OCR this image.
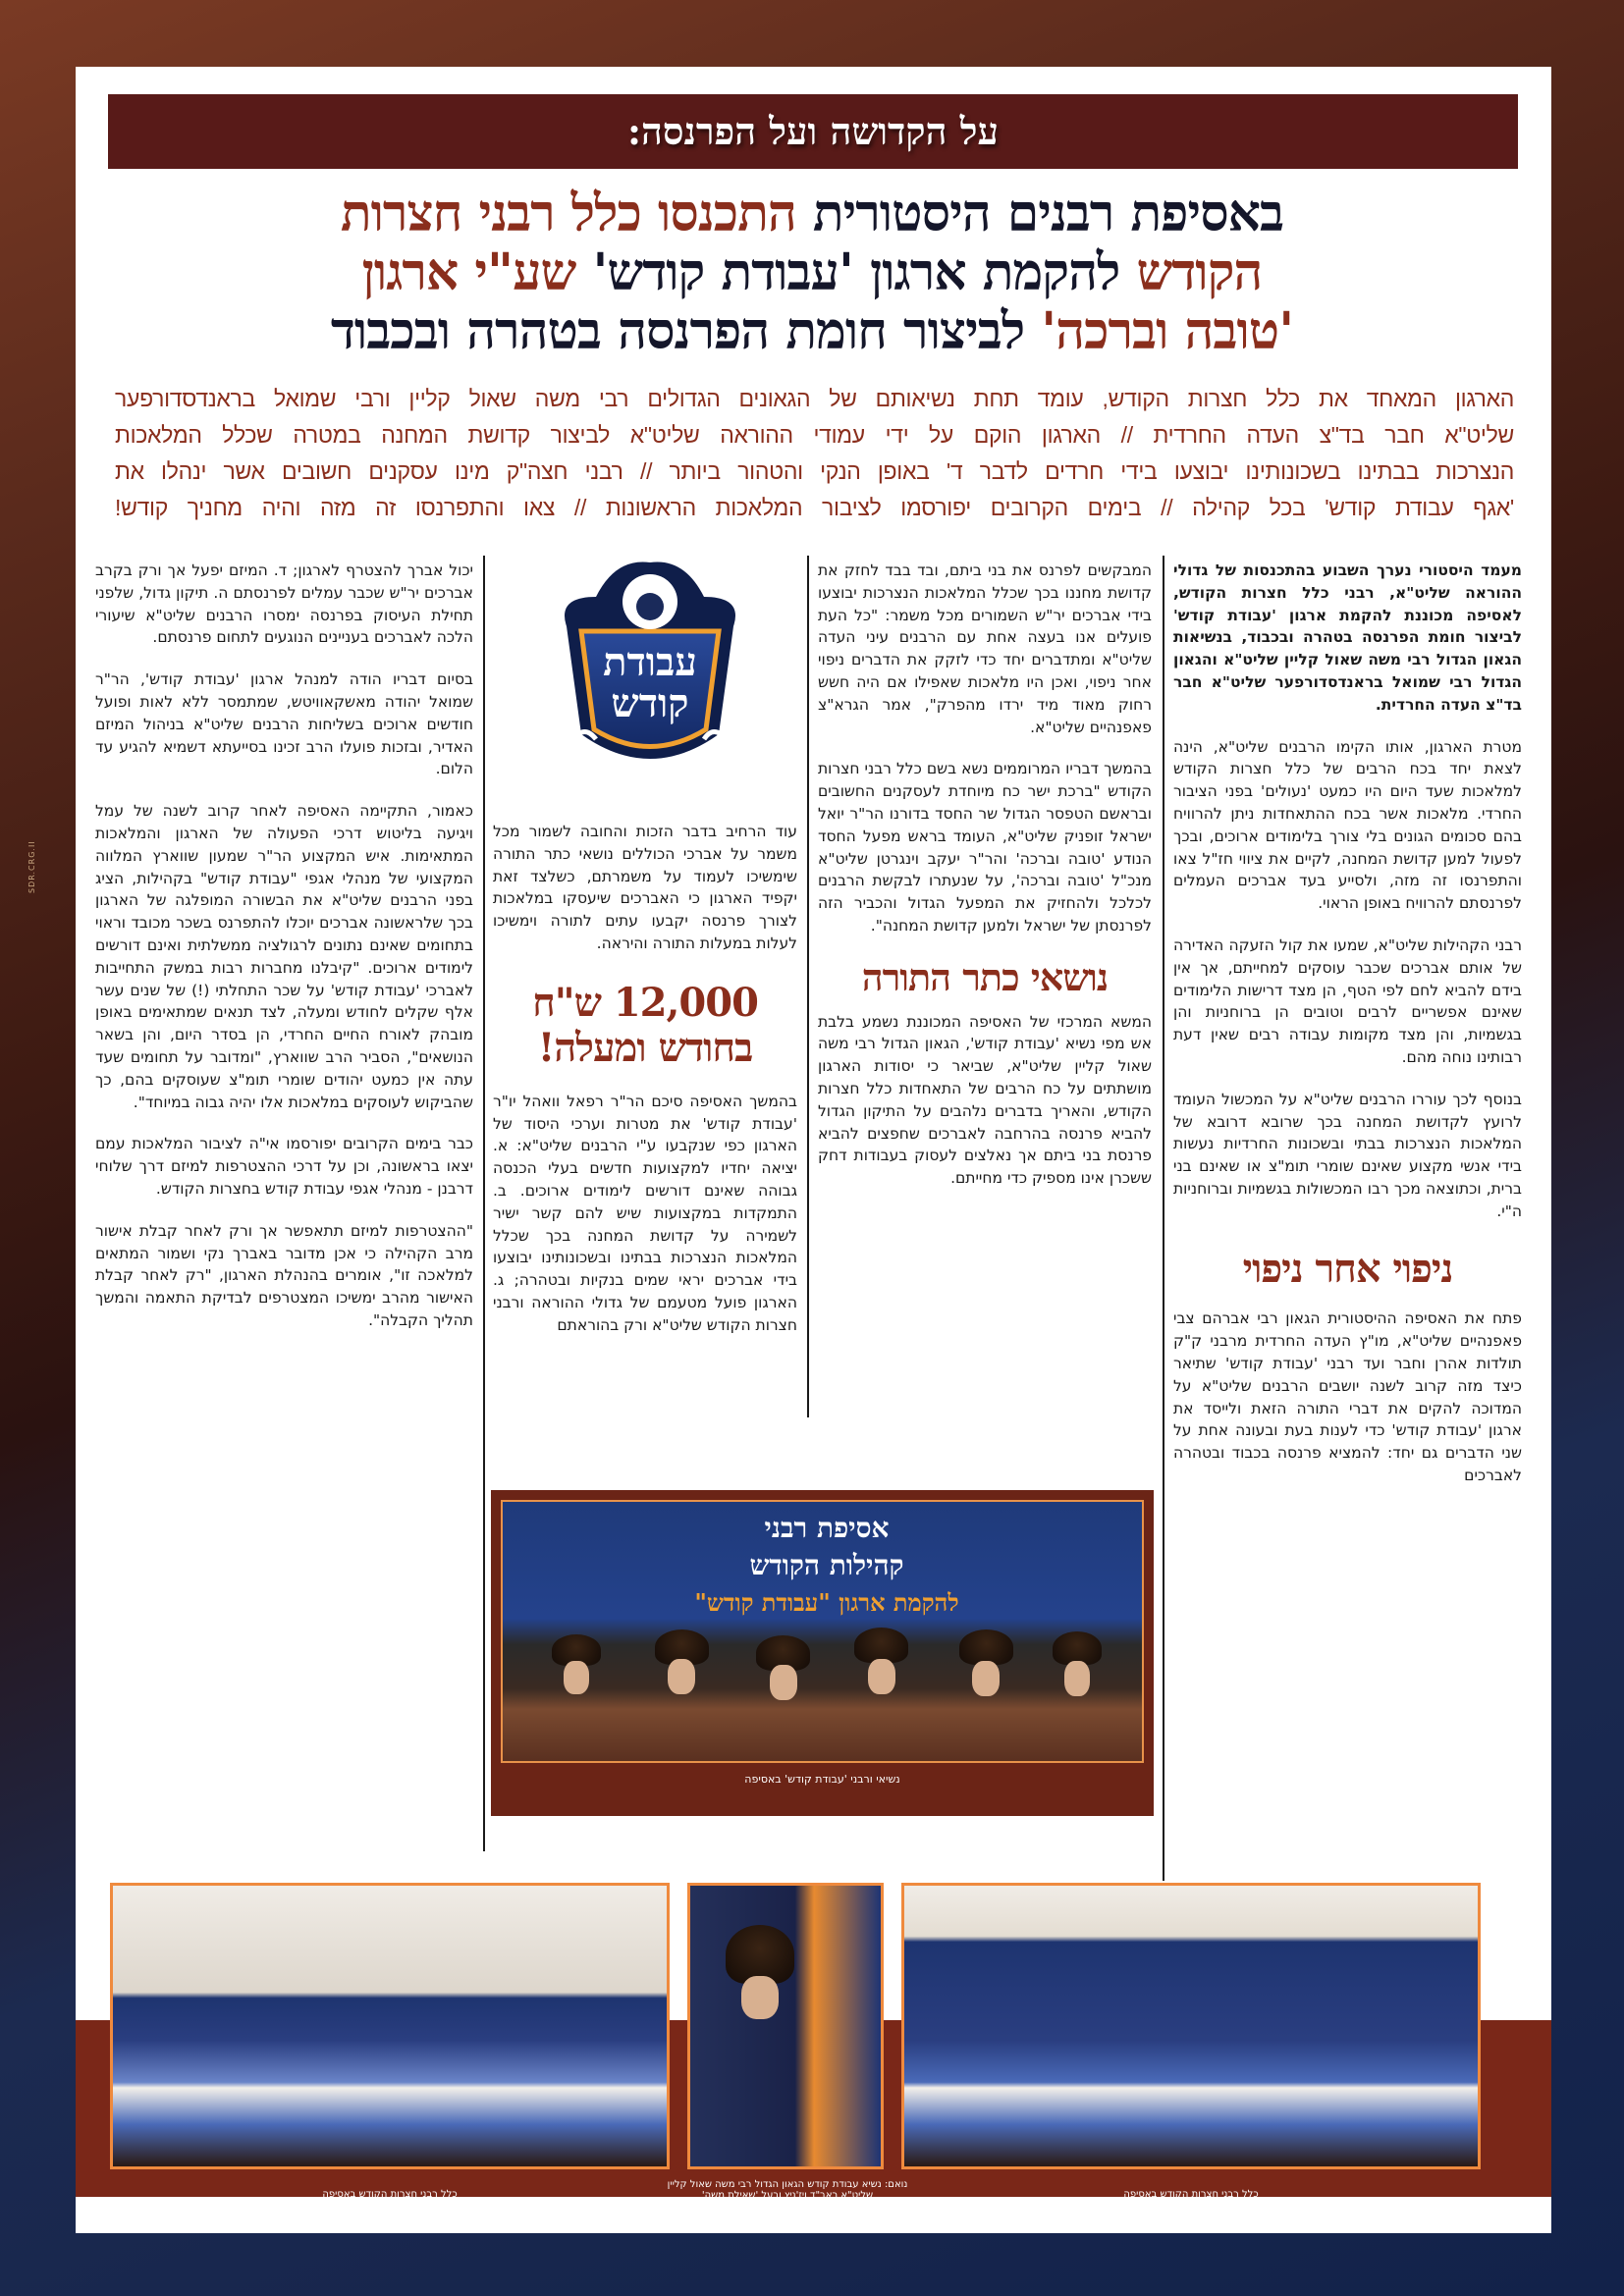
SDR.CRG.II
על הקדושה ועל הפרנסה:
באסיפת רבנים היסטורית התכנסו כלל רבני חצרות
הקודש להקמת ארגון 'עבודת קודש' שע"י ארגון
'טובה וברכה' לביצור חומת הפרנסה בטהרה ובכבוד
הארגון המאחד את כלל חצרות הקודש, עומד תחת נשיאותם של הגאונים הגדולים רבי משה שאול קליין ורבי שמואל בראנדסדורפער
שליט"א חבר בד"צ העדה החרדית // הארגון הוקם על ידי עמודי ההוראה שליט"א לביצור קדושת המחנה במטרה שכלל המלאכות
הנצרכות בבתינו בשכונותינו יבוצעו בידי חרדים לדבר ד' באופן הנקי והטהור ביותר // רבני חצה"ק מינו עסקנים חשובים אשר ינהלו את
'אגף עבודת קודש' בכל קהילה // בימים הקרובים יפורסמו לציבור המלאכות הראשונות // צאו והתפרנסו זה מזה והיה מחניך קודש!

מעמד היסטורי נערך השבוע בהתכנסות של גדולי ההוראה שליט"א, רבני כלל חצרות הקודש, לאסיפה מכוננת להקמת ארגון 'עבודת קודש' לביצור חומת הפרנסה בטהרה ובכבוד, בנשיאות הגאון הגדול רבי משה שאול קליין שליט"א והגאון הגדול רבי שמואל בראנדסדורפער שליט"א חבר בד"צ העדה החרדית.

מטרת הארגון, אותו הקימו הרבנים שליט"א, הינה לצאת יחד בכח הרבים של כלל חצרות הקודש למלאכות שעד היום היו כמעט 'נעולים' בפני הציבור החרדי. מלאכות אשר בכח ההתאחדות ניתן להרוויח בהם סכומים הגונים בלי צורך בלימודים ארוכים, ובכך לפעול למען קדושת המחנה, לקיים את ציווי חז"ל צאו והתפרנסו זה מזה, ולסייע בעד אברכים העמלים לפרנסתם להרוויח באופן הראוי.

רבני הקהילות שליט"א, שמעו את קול הזעקה האדירה של אותם אברכים שכבר עוסקים למחייתם, אך אין בידם להביא לחם לפי הטף, הן מצד דרישות הלימודים שאינם אפשריים לרבים וטובים הן ברוחניות והן בגשמיות, והן מצד מקומות עבודה רבים שאין דעת רבותינו נוחה מהם.

בנוסף לכך עוררו הרבנים שליט"א על המכשול העומד לרועץ לקדושת המחנה בכך שרובא דרובא של המלאכות הנצרכות בבתי ובשכונות החרדיות נעשות בידי אנשי מקצוע שאינם שומרי תומ"צ או שאינם בני ברית, וכתוצאה מכך רבו המכשולות בגשמיות וברוחניות ה"י.

ניפוי אחר ניפוי

פתח את האסיפה ההיסטורית הגאון רבי אברהם צבי פאפנהיים שליט"א, מו"ץ העדה החרדית מרבני ק"ק תולדות אהרן וחבר ועד רבני 'עבודת קודש' שתיאר כיצד מזה קרוב לשנה יושבים הרבנים שליט"א על המדוכה להקים את דברי התורה הזאת ולייסד את ארגון 'עבודת קודש' כדי לענות בעת ובעונה אחת על שני הדברים גם יחד: להמציא פרנסה בכבוד ובטהרה לאברכים

המבקשים לפרנס את בני ביתם, ובד בבד לחזק את קדושת מחננו בכך שכלל המלאכות הנצרכות יבוצעו בידי אברכים יר"ש השמורים מכל משמר: "כל העת פועלים אנו בעצה אחת עם הרבנים עיני העדה שליט"א ומתדברים יחד כדי לזקק את הדברים ניפוי אחר ניפוי, ואכן היו מלאכות שאפילו אם היה חשש רחוק מאוד מיד ירדו מהפרק", אמר הגרא"צ פאפנהיים שליט"א.

בהמשך דבריו המרוממים נשא בשם כלל רבני חצרות הקודש "ברכת ישר כח מיוחדת לעסקנים החשובים ובראשם הטפסר הגדול שר החסד בדורנו הר"ר יואל ישראל זופניק שליט"א, העומד בראש מפעל החסד הנודע 'טובה וברכה' והר"ר יעקב וינגרטן שליט"א מנכ"ל 'טובה וברכה', על שנעתרו לבקשת הרבנים לכלכל ולהחזיק את המפעל הגדול והכביר הזה לפרנסתן של ישראל ולמען קדושת המחנה".

נושאי כתר התורה

המשא המרכזי של האסיפה המכוננת נשמע בלבת אש מפי נשיא 'עבודת קודש', הגאון הגדול רבי משה שאול קליין שליט"א, שביאר כי יסודות הארגון מושתתים על כח הרבים של התאחדות כלל חצרות הקודש, והאריך בדברים נלהבים על התיקון הגדול להביא פרנסה בהרחבה לאברכים שחפצים להביא פרנסת בני ביתם אך נאלצים לעסוק בעבודות דחק ששכרן אינו מספיק כדי מחייתם.

עבודת
קודש

עוד הרחיב בדבר הזכות והחובה לשמור מכל משמר על אברכי הכוללים נושאי כתר התורה שימשיכו לעמוד על משמרתם, כשלצד זאת יקפיד הארגון כי האברכים שיעסקו במלאכות לצורך פרנסה יקבעו עתים לתורה וימשיכו לעלות במעלות התורה והיראה.

12,000 ש"ח
בחודש ומעלה!

בהמשך האסיפה סיכם הר"ר רפאל וואהל יו"ר 'עבודת קודש' את מטרות וערכי היסוד של הארגון כפי שנקבעו ע"י הרבנים שליט"א: א. יציאה יחדיו למקצועות חדשים בעלי הכנסה גבוהה שאינם דורשים לימודים ארוכים. ב. התמקדות במקצועות שיש להם קשר ישיר לשמירה על קדושת המחנה בכך שכלל המלאכות הנצרכות בבתינו ובשכונותינו יבוצעו בידי אברכים יראי שמים בנקיות ובטהרה; ג. הארגון פועל מטעמם של גדולי ההוראה ורבני חצרות הקודש שליט"א ורק בהוראתם

יכול אברך להצטרף לארגון; ד. המיזם יפעל אך ורק בקרב אברכים יר"ש שכבר עמלים לפרנסתם ה. תיקון גדול, שלפני תחילת העיסוק בפרנסה ימסרו הרבנים שליט"א שיעורי הלכה לאברכים בעניינים הנוגעים לתחום פרנסתם.

בסיום דבריו הודה למנהל ארגון 'עבודת קודש', הר"ר שמואל יהודה מאשקאוויטש, שמתמסר ללא לאות ופועל חודשים ארוכים בשליחות הרבנים שליט"א בניהול המיזם האדיר, ובזכות פועלו הרב זכינו בסייעתא דשמיא להגיע עד הלום.

כאמור, התקיימה האסיפה לאחר קרוב לשנה של עמל ויגיעה בליטוש דרכי הפעולה של הארגון והמלאכות המתאימות. איש המקצוע הר"ר שמעון שווארץ המלווה המקצועי של מנהלי אגפי "עבודת קודש" בקהילות, הציג בפני הרבנים שליט"א את הבשורה המופלגה של הארגון בכך שלראשונה אברכים יוכלו להתפרנס בשכר מכובד וראוי בתחומים שאינם נתונים לרגולציה ממשלתית ואינם דורשים לימודים ארוכים. "קיבלנו מחברות רבות במשק התחייבות לאברכי 'עבודת קודש' על שכר התחלתי (!) של שנים עשר אלף שקלים לחודש ומעלה, לצד תנאים שמתאימים באופן מובהק לאורח החיים החרדי, הן בסדר היום, והן בשאר הנושאים", הסביר הרב שווארץ, "ומדובר על תחומים שעד עתה אין כמעט יהודים שומרי תומ"צ שעוסקים בהם, כך שהביקוש לעוסקים במלאכות אלו יהיה גבוה במיוחד".

כבר בימים הקרובים יפורסמו אי"ה לציבור המלאכות עמם יצאו בראשונה, וכן על דרכי ההצטרפות למיזם דרך שלוחי דרבנן - מנהלי אגפי עבודת קודש בחצרות הקודש.

"ההצטרפות למיזם תתאפשר אך ורק לאחר קבלת אישור מרב הקהילה כי אכן מדובר באברך נקי ושמור המתאים למלאכה זו", אומרים בהנהלת הארגון, "רק לאחר קבלת האישור מהרב ימשיכו המצטרפים לבדיקת התאמה והמשך תהליך הקבלה".

אסיפת רבני
קהילות הקודש
להקמת ארגון "עבודת קודש"
נשיאי ורבני 'עבודת קודש' באסיפה
כלל רבני חצרות הקודש באסיפה
נואם: נשיא עבודת קודש הגאון הגדול רבי משה שאול קליין
שליט"א ראב"ד ויז'ניץ ובעל 'שאילת משה'	כלל רבני חצרות הקודש באסיפה
